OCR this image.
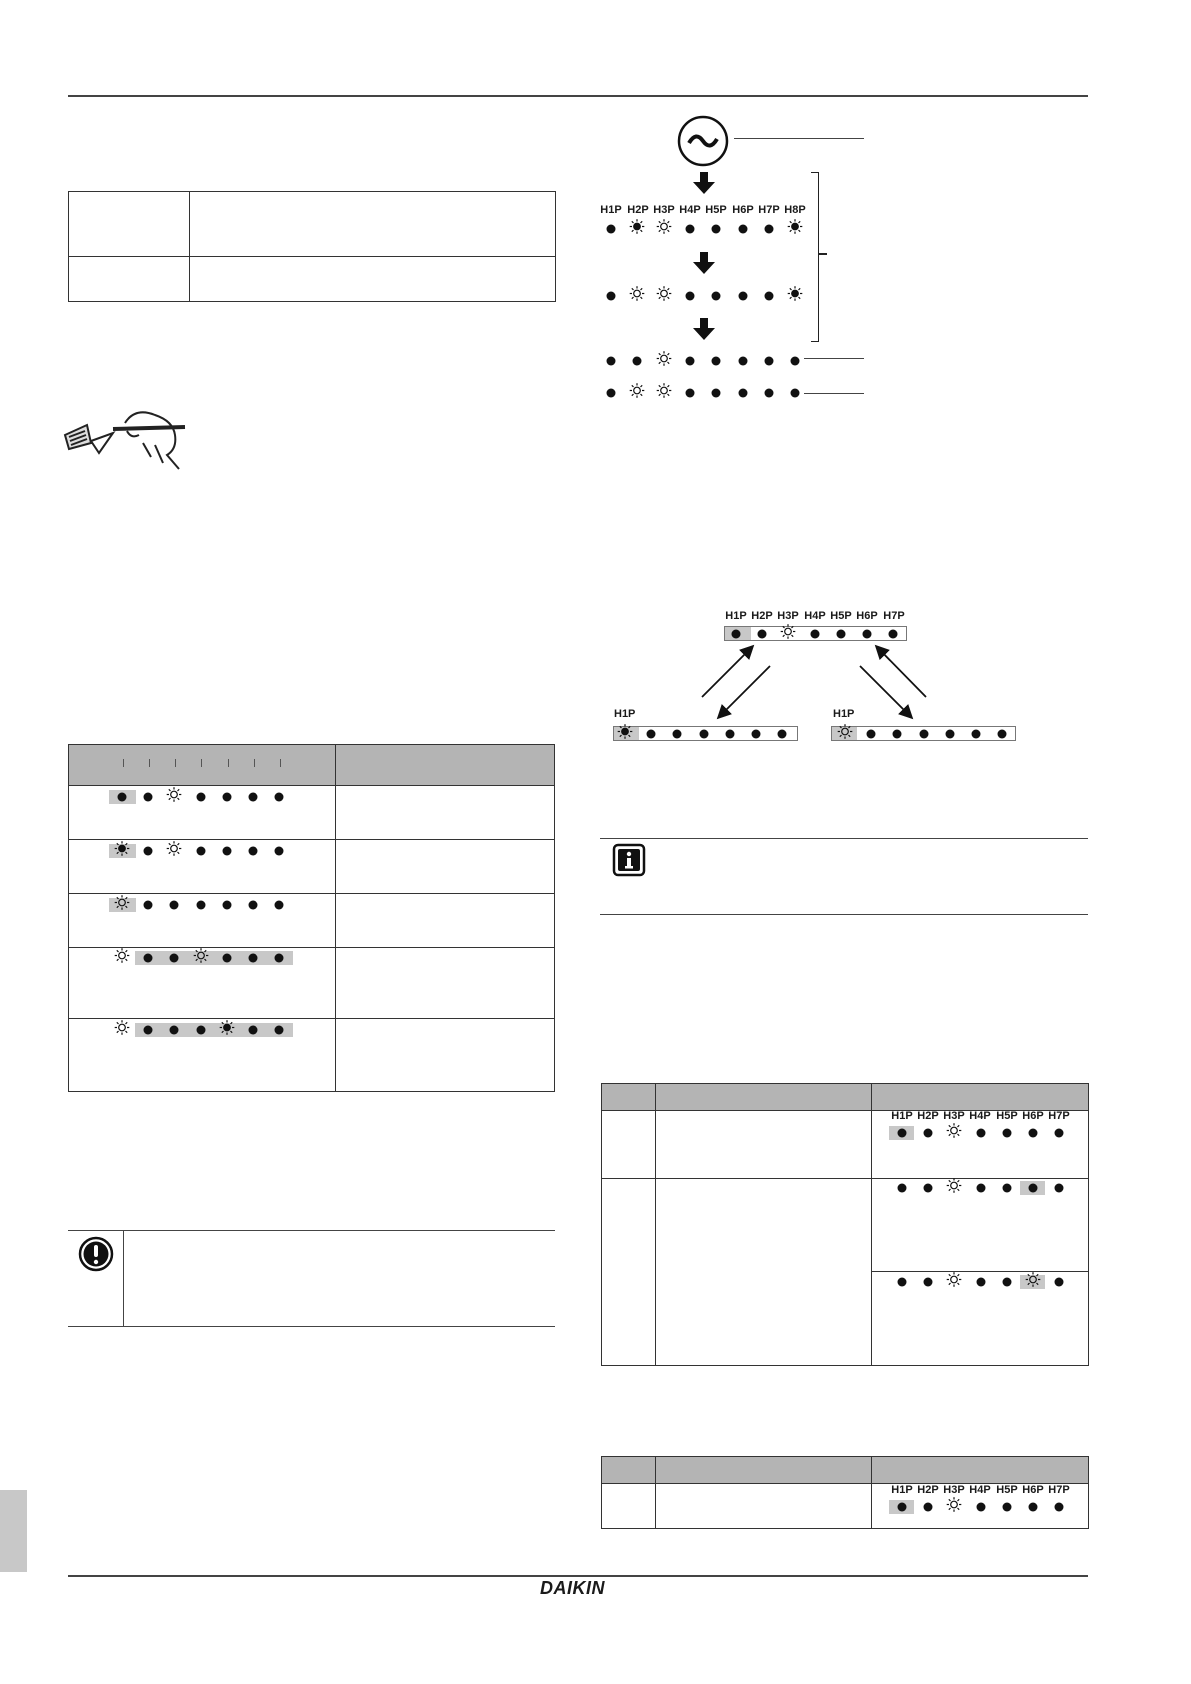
H1P H2P H3P H4P H5P H6P H7P H8P
H1P H2P H3P H4P H5P H6P H7P
H1P	H1P
H1P H2P H3P H4P H5P H6P H7P
H1P H2P H3P H4P H5P H6P H7P
DAIKIN
